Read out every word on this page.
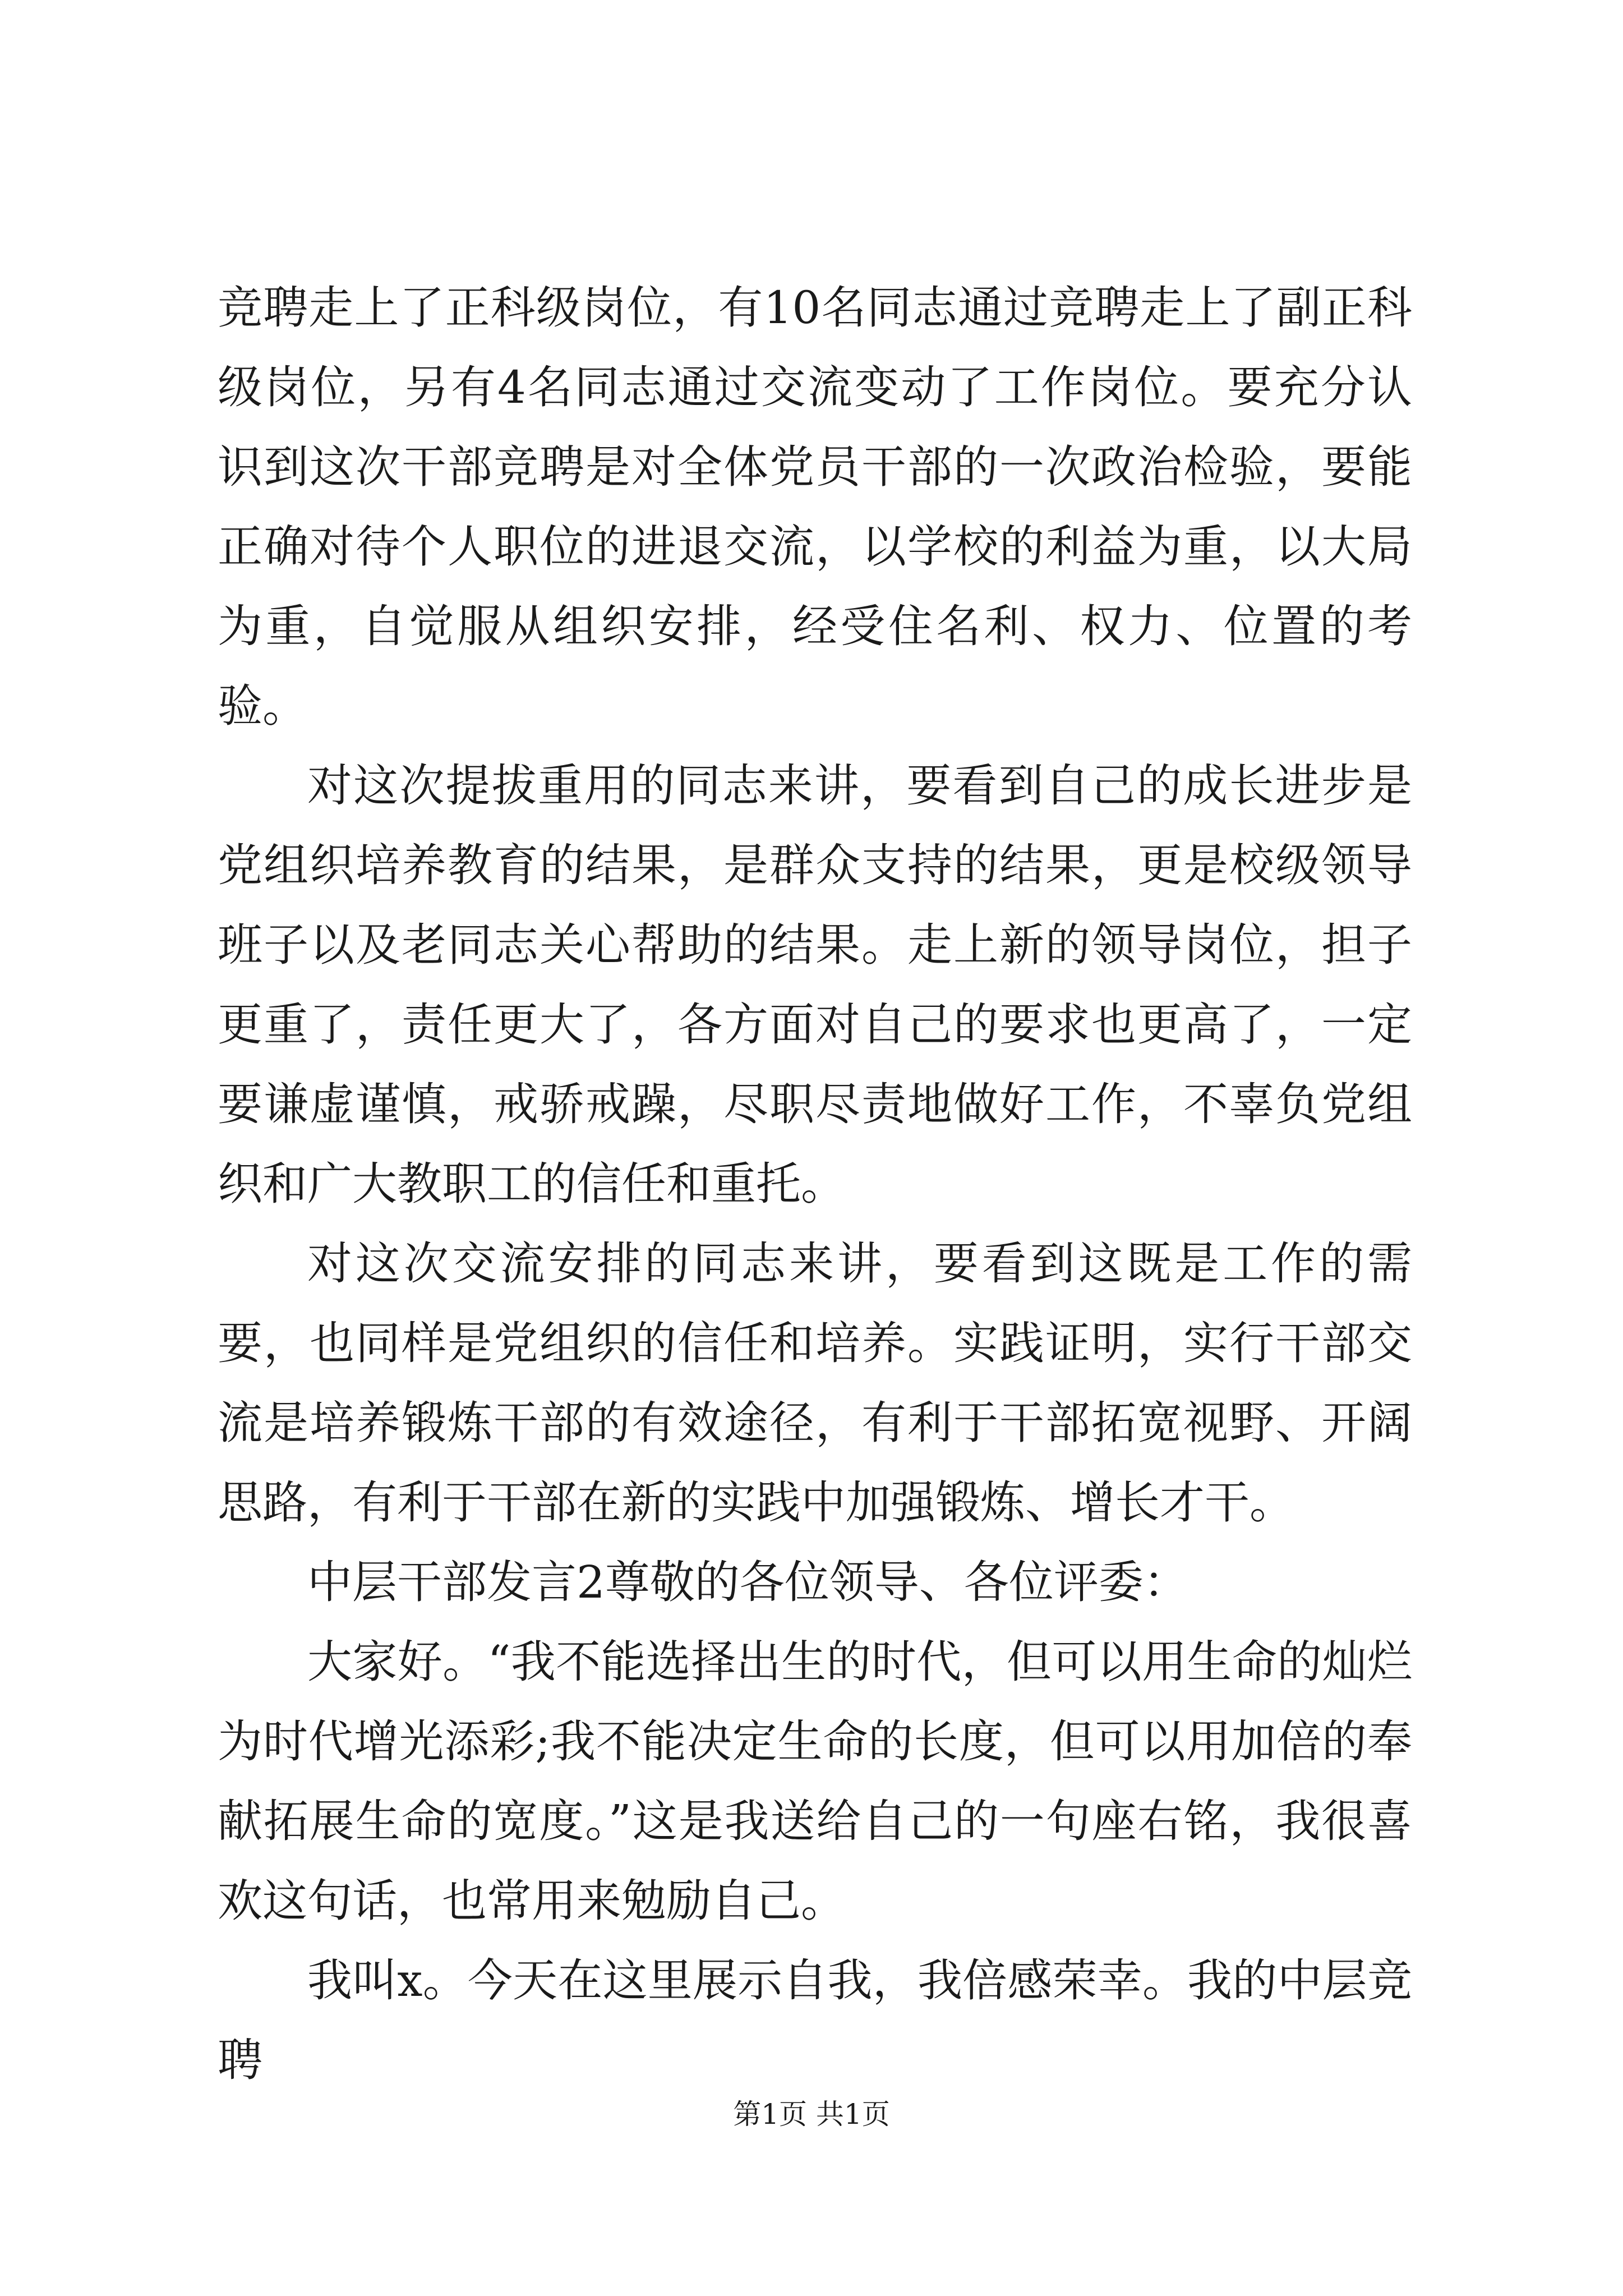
竞聘走上了正科级岗位，有10名同志通过竞聘走上了副正科级岗位，另有4名同志通过交流变动了工作岗位。要充分认识到这次干部竞聘是对全体党员干部的一次政治检验，要能正确对待个人职位的进退交流，以学校的利益为重，以大局为重，自觉服从组织安排，经受住名利、权力、位置的考验。

对这次提拔重用的同志来讲，要看到自己的成长进步是党组织培养教育的结果，是群众支持的结果，更是校级领导班子以及老同志关心帮助的结果。走上新的领导岗位，担子更重了，责任更大了，各方面对自己的要求也更高了，一定要谦虚谨慎，戒骄戒躁，尽职尽责地做好工作，不辜负党组织和广大教职工的信任和重托。

对这次交流安排的同志来讲，要看到这既是工作的需要，也同样是党组织的信任和培养。实践证明，实行干部交流是培养锻炼干部的有效途径，有利于干部拓宽视野、开阔思路，有利于干部在新的实践中加强锻炼、增长才干。

中层干部发言2尊敬的各位领导、各位评委：

大家好。“我不能选择出生的时代，但可以用生命的灿烂为时代增光添彩;我不能决定生命的长度，但可以用加倍的奉献拓展生命的宽度。”这是我送给自己的一句座右铭，我很喜欢这句话，也常用来勉励自己。

我叫x。今天在这里展示自我，我倍感荣幸。我的中层竞聘

第1页 共1页
